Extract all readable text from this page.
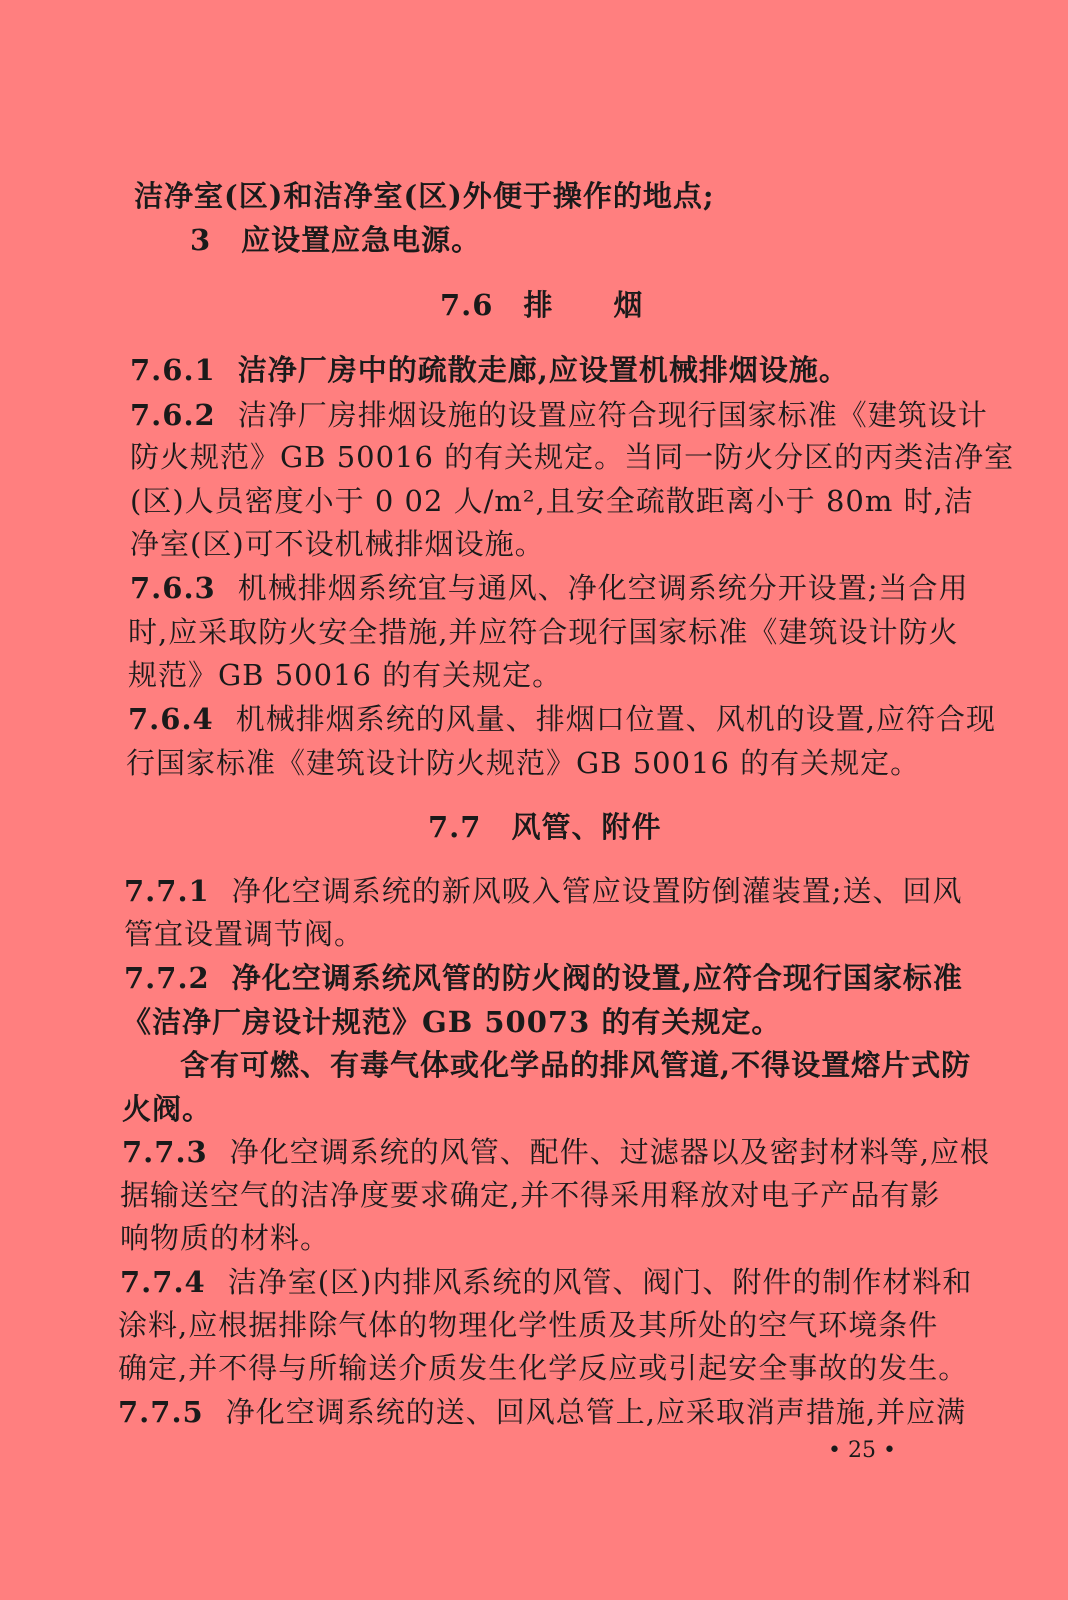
洁净室(区)和洁净室(区)外便于操作的地点;
3　应设置应急电源。
7.6 排　　烟
7.6.1 洁净厂房中的疏散走廊,应设置机械排烟设施。
7.6.2 洁净厂房排烟设施的设置应符合现行国家标准《建筑设计
防火规范》GB 50016 的有关规定。当同一防火分区的丙类洁净室
(区)人员密度小于 0 02 人/m²,且安全疏散距离小于 80m 时,洁
净室(区)可不设机械排烟设施。
7.6.3 机械排烟系统宜与通风、净化空调系统分开设置;当合用
时,应采取防火安全措施,并应符合现行国家标准《建筑设计防火
规范》GB 50016 的有关规定。
7.6.4 机械排烟系统的风量、排烟口位置、风机的设置,应符合现
行国家标准《建筑设计防火规范》GB 50016 的有关规定。
7.7 风管、附件
7.7.1 净化空调系统的新风吸入管应设置防倒灌装置;送、回风
管宜设置调节阀。
7.7.2 净化空调系统风管的防火阀的设置,应符合现行国家标准
《洁净厂房设计规范》GB 50073 的有关规定。
含有可燃、有毒气体或化学品的排风管道,不得设置熔片式防
火阀。
7.7.3 净化空调系统的风管、配件、过滤器以及密封材料等,应根
据输送空气的洁净度要求确定,并不得采用释放对电子产品有影
响物质的材料。
7.7.4 洁净室(区)内排风系统的风管、阀门、附件的制作材料和
涂料,应根据排除气体的物理化学性质及其所处的空气环境条件
确定,并不得与所输送介质发生化学反应或引起安全事故的发生。
7.7.5 净化空调系统的送、回风总管上,应采取消声措施,并应满
• 25 •
